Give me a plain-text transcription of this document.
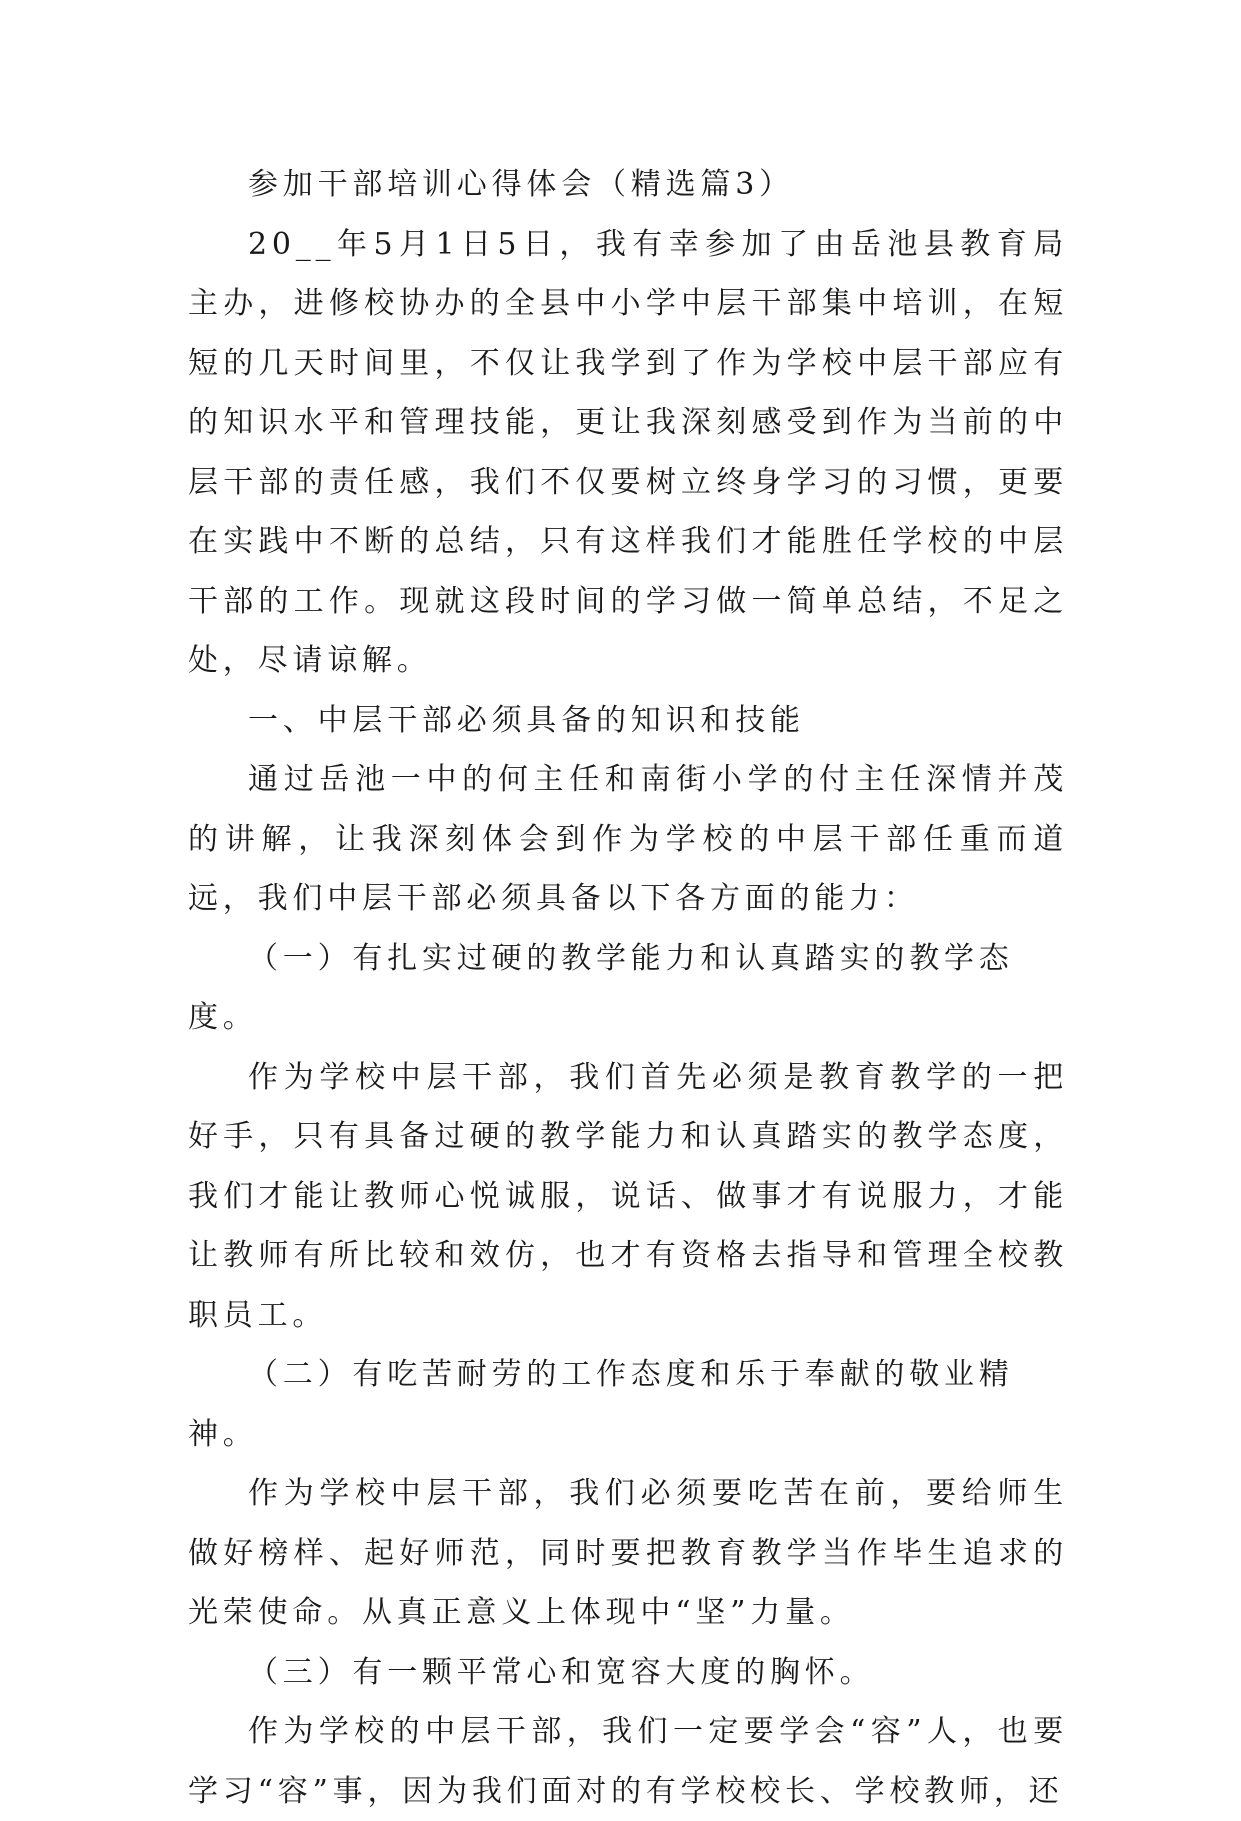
参加干部培训心得体会（精选篇3）

20__年5月1日5日，我有幸参加了由岳池县教育局主办，进修校协办的全县中小学中层干部集中培训，在短短的几天时间里，不仅让我学到了作为学校中层干部应有的知识水平和管理技能，更让我深刻感受到作为当前的中层干部的责任感，我们不仅要树立终身学习的习惯，更要在实践中不断的总结，只有这样我们才能胜任学校的中层干部的工作。现就这段时间的学习做一简单总结，不足之处，尽请谅解。

一、中层干部必须具备的知识和技能

通过岳池一中的何主任和南街小学的付主任深情并茂的讲解，让我深刻体会到作为学校的中层干部任重而道远，我们中层干部必须具备以下各方面的能力：

（一）有扎实过硬的教学能力和认真踏实的教学态度。

作为学校中层干部，我们首先必须是教育教学的一把好手，只有具备过硬的教学能力和认真踏实的教学态度，我们才能让教师心悦诚服，说话、做事才有说服力，才能让教师有所比较和效仿，也才有资格去指导和管理全校教职员工。

（二）有吃苦耐劳的工作态度和乐于奉献的敬业精神。

作为学校中层干部，我们必须要吃苦在前，要给师生做好榜样、起好师范，同时要把教育教学当作毕生追求的光荣使命。从真正意义上体现中“坚”力量。

（三）有一颗平常心和宽容大度的胸怀。

作为学校的中层干部，我们一定要学会“容”人，也要学习“容”事，因为我们面对的有学校校长、学校教师，还
